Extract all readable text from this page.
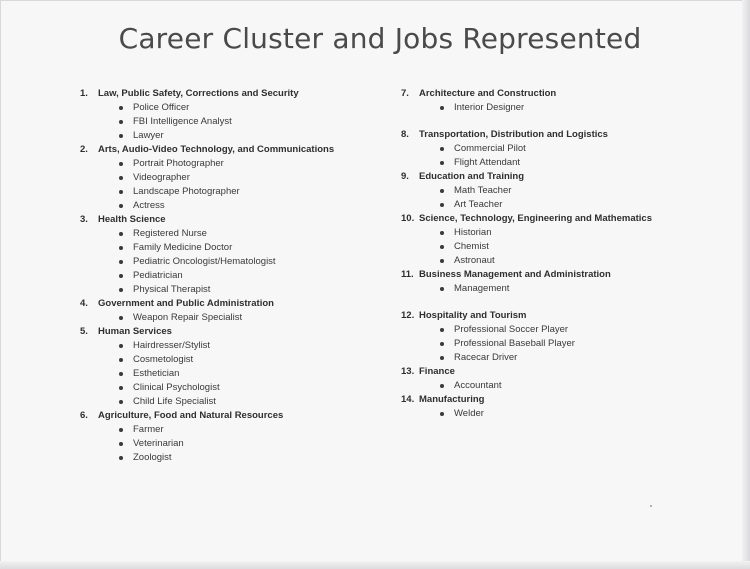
Career Cluster and Jobs Represented
1. Law, Public Safety, Corrections and Security
Police Officer
FBI Intelligence Analyst
Lawyer
2. Arts, Audio-Video Technology, and Communications
Portrait Photographer
Videographer
Landscape Photographer
Actress
3. Health Science
Registered Nurse
Family Medicine Doctor
Pediatric Oncologist/Hematologist
Pediatrician
Physical Therapist
4. Government and Public Administration
Weapon Repair Specialist
5. Human Services
Hairdresser/Stylist
Cosmetologist
Esthetician
Clinical Psychologist
Child Life Specialist
6. Agriculture, Food and Natural Resources
Farmer
Veterinarian
Zoologist
7. Architecture and Construction
Interior Designer
8. Transportation, Distribution and Logistics
Commercial Pilot
Flight Attendant
9. Education and Training
Math Teacher
Art Teacher
10. Science, Technology, Engineering and Mathematics
Historian
Chemist
Astronaut
11. Business Management and Administration
Management
12. Hospitality and Tourism
Professional Soccer Player
Professional Baseball Player
Racecar Driver
13. Finance
Accountant
14. Manufacturing
Welder
